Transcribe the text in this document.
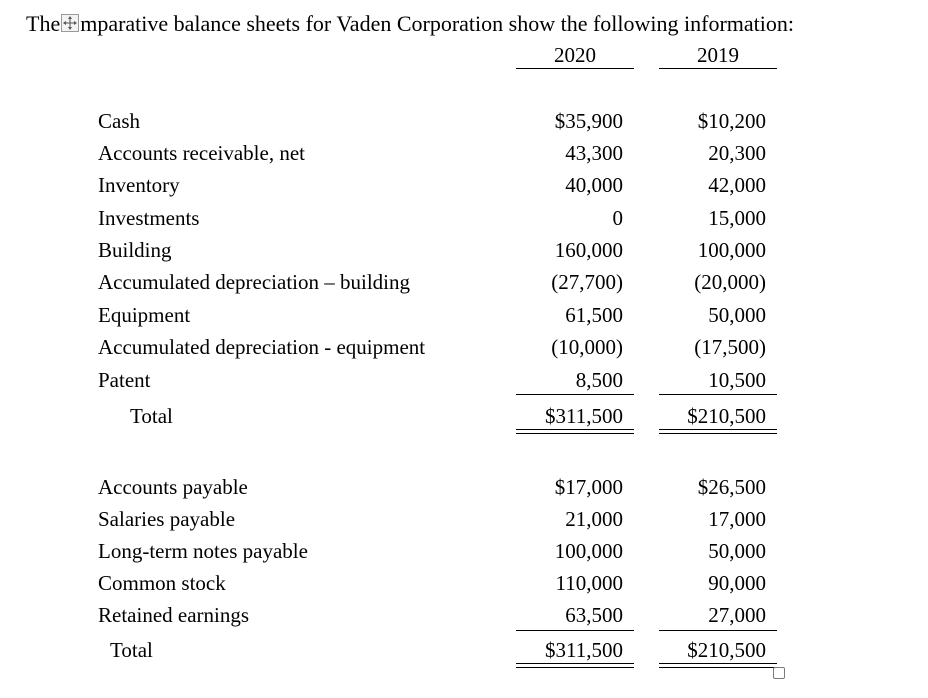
The mparative balance sheets for Vaden Corporation show the following information:
2020	2019
Cash	$35,900	$10,200
Accounts receivable, net	43,300	20,300
Inventory	40,000	42,000
Investments	0	15,000
Building	160,000	100,000
Accumulated depreciation – building	(27,700)	(20,000)
Equipment	61,500	50,000
Accumulated depreciation - equipment	(10,000)	(17,500)
Patent	8,500	10,500
Total	$311,500	$210,500
Accounts payable	$17,000	$26,500
Salaries payable	21,000	17,000
Long-term notes payable	100,000	50,000
Common stock	110,000	90,000
Retained earnings	63,500	27,000
Total	$311,500	$210,500
